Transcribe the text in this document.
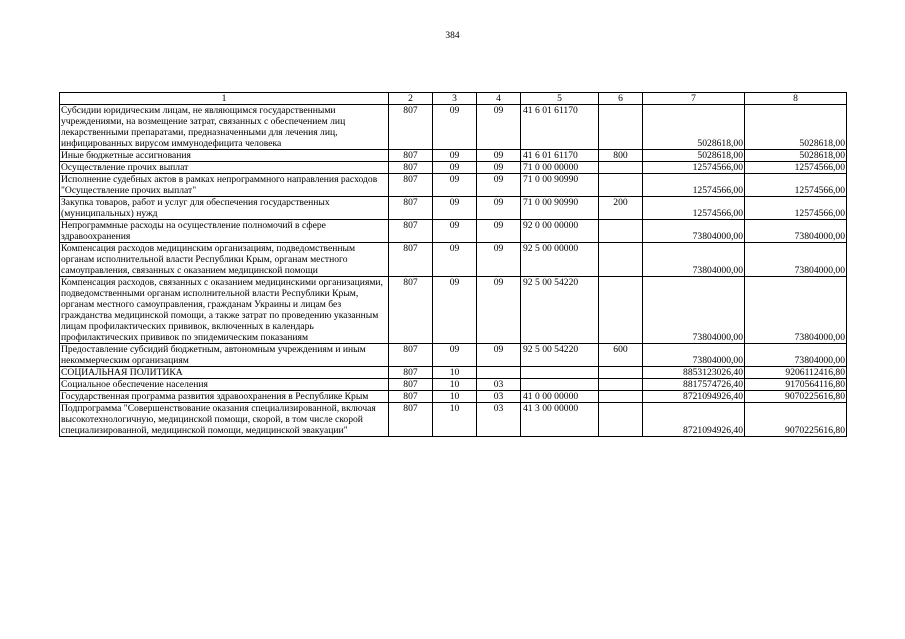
384
1	2	3	4	5	6	7	8
Субсидии юридическим лицам, не являющимся государственными учреждениями, на возмещение затрат, связанных с обеспечением лиц лекарственными препаратами, предназначенными для лечения лиц, инфицированных вирусом иммунодефицита человека	807	09	09	41 6 01 61170		5028618,00	5028618,00
Иные бюджетные ассигнования	807	09	09	41 6 01 61170	800	5028618,00	5028618,00
Осуществление прочих выплат	807	09	09	71 0 00 00000		12574566,00	12574566,00
Исполнение судебных актов в рамках непрограммного направления расходов "Осуществление прочих выплат"	807	09	09	71 0 00 90990		12574566,00	12574566,00
Закупка товаров, работ и услуг для обеспечения государственных (муниципальных) нужд	807	09	09	71 0 00 90990	200	12574566,00	12574566,00
Непрограммные расходы на осуществление полномочий в сфере здравоохранения	807	09	09	92 0 00 00000		73804000,00	73804000,00
Компенсация расходов медицинским организациям, подведомственным органам исполнительной власти Республики Крым, органам местного самоуправления, связанных с оказанием медицинской помощи	807	09	09	92 5 00 00000		73804000,00	73804000,00
Компенсация расходов, связанных с оказанием медицинскими организациями, подведомственными органам исполнительной власти Республики Крым, органам местного самоуправления, гражданам Украины и лицам без гражданства медицинской помощи, а также затрат по проведению указанным лицам профилактических прививок, включенных в календарь профилактических прививок по эпидемическим показаниям	807	09	09	92 5 00 54220		73804000,00	73804000,00
Предоставление субсидий бюджетным, автономным учреждениям и иным некоммерческим организациям	807	09	09	92 5 00 54220	600	73804000,00	73804000,00
СОЦИАЛЬНАЯ ПОЛИТИКА	807	10				8853123026,40	9206112416,80
Социальное обеспечение населения	807	10	03			8817574726,40	9170564116,80
Государственная программа развития здравоохранения в Республике Крым	807	10	03	41 0 00 00000		8721094926,40	9070225616,80
Подпрограмма "Совершенствование оказания специализированной, включая высокотехнологичную, медицинской помощи, скорой, в том числе скорой специализированной, медицинской помощи, медицинской эвакуации"	807	10	03	41 3 00 00000		8721094926,40	9070225616,80
